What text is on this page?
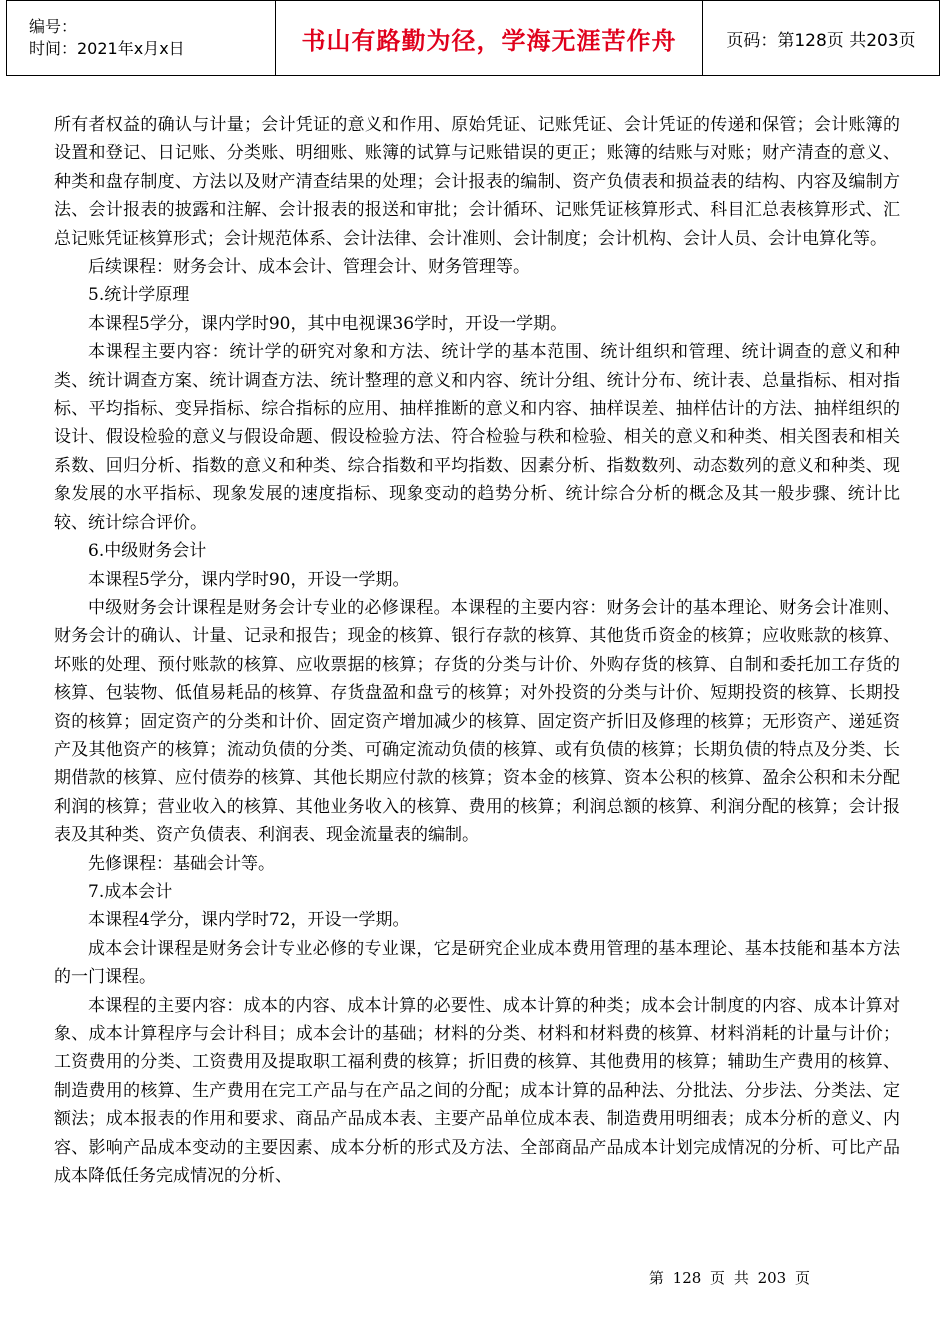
编号：
时间：2021年x月x日	书山有路勤为径，学海无涯苦作舟	页码：第128页 共203页

所有者权益的确认与计量；会计凭证的意义和作用、原始凭证、记账凭证、会计凭证的传递和保管；会计账簿的设置和登记、日记账、分类账、明细账、账簿的试算与记账错误的更正；账簿的结账与对账；财产清查的意义、种类和盘存制度、方法以及财产清查结果的处理；会计报表的编制、资产负债表和损益表的结构、内容及编制方法、会计报表的披露和注解、会计报表的报送和审批；会计循环、记账凭证核算形式、科目汇总表核算形式、汇总记账凭证核算形式；会计规范体系、会计法律、会计准则、会计制度；会计机构、会计人员、会计电算化等。

后续课程：财务会计、成本会计、管理会计、财务管理等。

5.统计学原理

本课程5学分，课内学时90，其中电视课36学时，开设一学期。

本课程主要内容：统计学的研究对象和方法、统计学的基本范围、统计组织和管理、统计调查的意义和种类、统计调查方案、统计调查方法、统计整理的意义和内容、统计分组、统计分布、统计表、总量指标、相对指标、平均指标、变异指标、综合指标的应用、抽样推断的意义和内容、抽样误差、抽样估计的方法、抽样组织的设计、假设检验的意义与假设命题、假设检验方法、符合检验与秩和检验、相关的意义和种类、相关图表和相关系数、回归分析、指数的意义和种类、综合指数和平均指数、因素分析、指数数列、动态数列的意义和种类、现象发展的水平指标、现象发展的速度指标、现象变动的趋势分析、统计综合分析的概念及其一般步骤、统计比较、统计综合评价。

6.中级财务会计

本课程5学分，课内学时90，开设一学期。

中级财务会计课程是财务会计专业的必修课程。本课程的主要内容：财务会计的基本理论、财务会计准则、财务会计的确认、计量、记录和报告；现金的核算、银行存款的核算、其他货币资金的核算；应收账款的核算、坏账的处理、预付账款的核算、应收票据的核算；存货的分类与计价、外购存货的核算、自制和委托加工存货的核算、包装物、低值易耗品的核算、存货盘盈和盘亏的核算；对外投资的分类与计价、短期投资的核算、长期投资的核算；固定资产的分类和计价、固定资产增加减少的核算、固定资产折旧及修理的核算；无形资产、递延资产及其他资产的核算；流动负债的分类、可确定流动负债的核算、或有负债的核算；长期负债的特点及分类、长期借款的核算、应付债券的核算、其他长期应付款的核算；资本金的核算、资本公积的核算、盈余公积和未分配利润的核算；营业收入的核算、其他业务收入的核算、费用的核算；利润总额的核算、利润分配的核算；会计报表及其种类、资产负债表、利润表、现金流量表的编制。

先修课程：基础会计等。

7.成本会计

本课程4学分，课内学时72，开设一学期。

成本会计课程是财务会计专业必修的专业课，它是研究企业成本费用管理的基本理论、基本技能和基本方法的一门课程。

本课程的主要内容：成本的内容、成本计算的必要性、成本计算的种类；成本会计制度的内容、成本计算对象、成本计算程序与会计科目；成本会计的基础；材料的分类、材料和材料费的核算、材料消耗的计量与计价；工资费用的分类、工资费用及提取职工福利费的核算；折旧费的核算、其他费用的核算；辅助生产费用的核算、制造费用的核算、生产费用在完工产品与在产品之间的分配；成本计算的品种法、分批法、分步法、分类法、定额法；成本报表的作用和要求、商品产品成本表、主要产品单位成本表、制造费用明细表；成本分析的意义、内容、影响产品成本变动的主要因素、成本分析的形式及方法、全部商品产品成本计划完成情况的分析、可比产品成本降低任务完成情况的分析、

第 128 页 共 203 页
